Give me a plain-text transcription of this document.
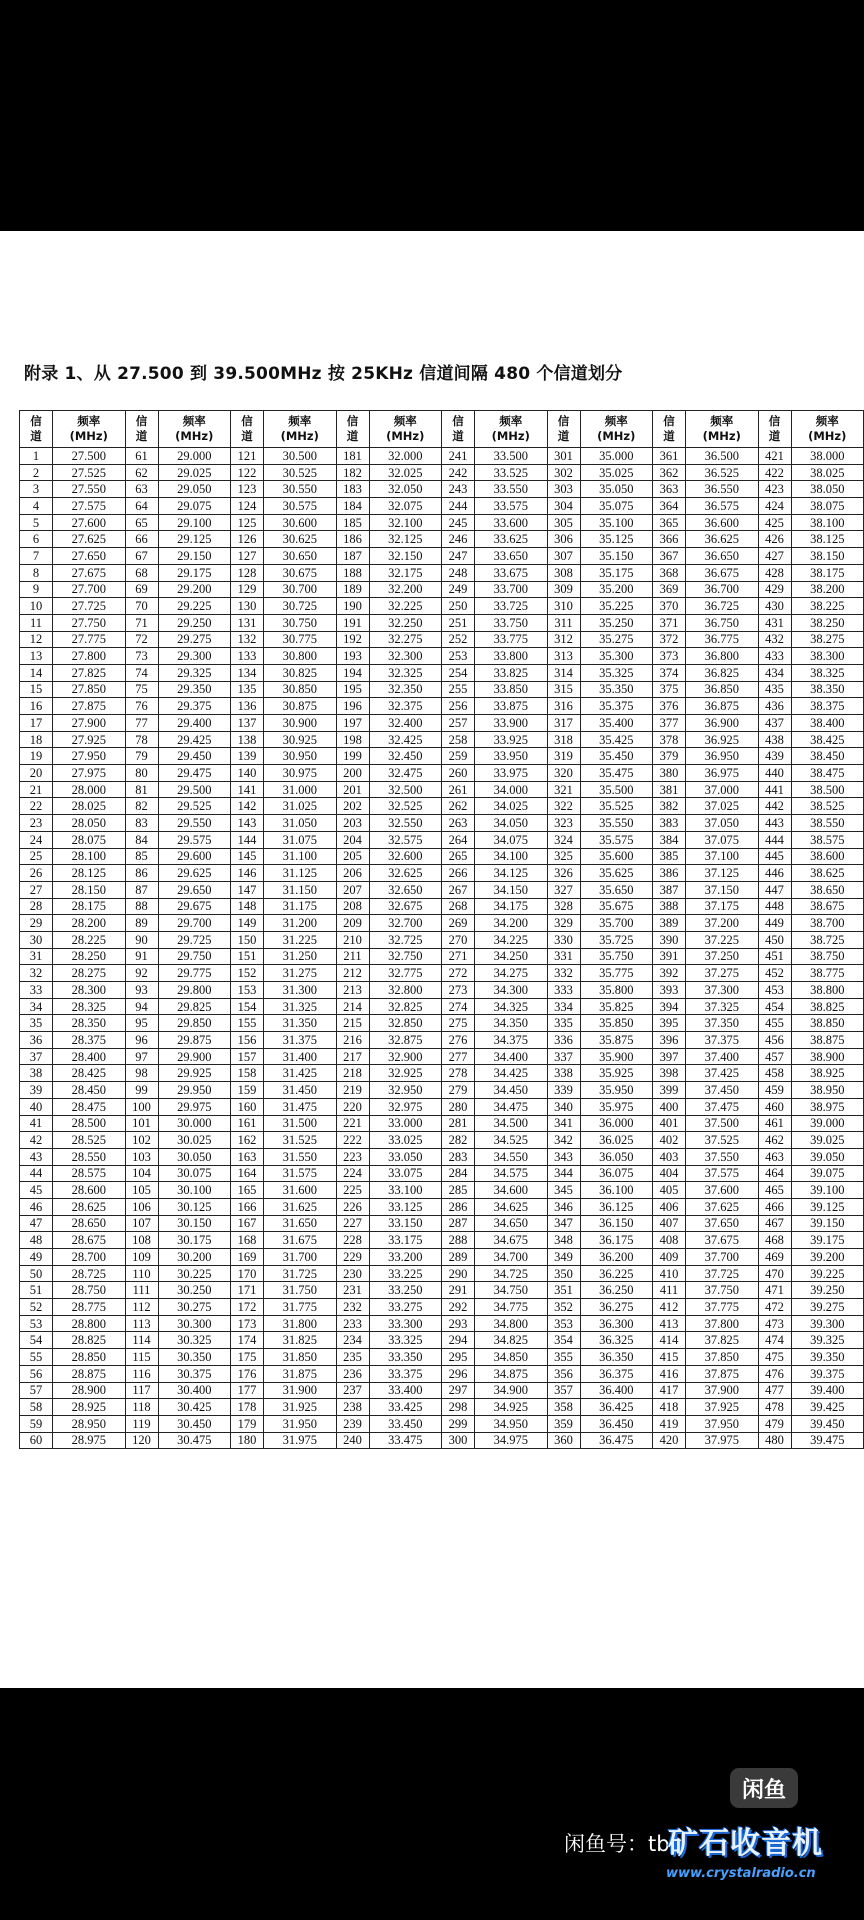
附录 1、从 27.500 到 39.500MHz 按 25KHz 信道间隔 480 个信道划分
信
道	频率
(MHz)	信
道	频率
(MHz)	信
道	频率
(MHz)	信
道	频率
(MHz)	信
道	频率
(MHz)	信
道	频率
(MHz)	信
道	频率
(MHz)	信
道	频率
(MHz)

1	27.500	61	29.000	121	30.500	181	32.000	241	33.500	301	35.000	361	36.500	421	38.000
2	27.525	62	29.025	122	30.525	182	32.025	242	33.525	302	35.025	362	36.525	422	38.025
3	27.550	63	29.050	123	30.550	183	32.050	243	33.550	303	35.050	363	36.550	423	38.050
4	27.575	64	29.075	124	30.575	184	32.075	244	33.575	304	35.075	364	36.575	424	38.075
5	27.600	65	29.100	125	30.600	185	32.100	245	33.600	305	35.100	365	36.600	425	38.100
6	27.625	66	29.125	126	30.625	186	32.125	246	33.625	306	35.125	366	36.625	426	38.125
7	27.650	67	29.150	127	30.650	187	32.150	247	33.650	307	35.150	367	36.650	427	38.150
8	27.675	68	29.175	128	30.675	188	32.175	248	33.675	308	35.175	368	36.675	428	38.175
9	27.700	69	29.200	129	30.700	189	32.200	249	33.700	309	35.200	369	36.700	429	38.200
10	27.725	70	29.225	130	30.725	190	32.225	250	33.725	310	35.225	370	36.725	430	38.225
11	27.750	71	29.250	131	30.750	191	32.250	251	33.750	311	35.250	371	36.750	431	38.250
12	27.775	72	29.275	132	30.775	192	32.275	252	33.775	312	35.275	372	36.775	432	38.275
13	27.800	73	29.300	133	30.800	193	32.300	253	33.800	313	35.300	373	36.800	433	38.300
14	27.825	74	29.325	134	30.825	194	32.325	254	33.825	314	35.325	374	36.825	434	38.325
15	27.850	75	29.350	135	30.850	195	32.350	255	33.850	315	35.350	375	36.850	435	38.350
16	27.875	76	29.375	136	30.875	196	32.375	256	33.875	316	35.375	376	36.875	436	38.375
17	27.900	77	29.400	137	30.900	197	32.400	257	33.900	317	35.400	377	36.900	437	38.400
18	27.925	78	29.425	138	30.925	198	32.425	258	33.925	318	35.425	378	36.925	438	38.425
19	27.950	79	29.450	139	30.950	199	32.450	259	33.950	319	35.450	379	36.950	439	38.450
20	27.975	80	29.475	140	30.975	200	32.475	260	33.975	320	35.475	380	36.975	440	38.475
21	28.000	81	29.500	141	31.000	201	32.500	261	34.000	321	35.500	381	37.000	441	38.500
22	28.025	82	29.525	142	31.025	202	32.525	262	34.025	322	35.525	382	37.025	442	38.525
23	28.050	83	29.550	143	31.050	203	32.550	263	34.050	323	35.550	383	37.050	443	38.550
24	28.075	84	29.575	144	31.075	204	32.575	264	34.075	324	35.575	384	37.075	444	38.575
25	28.100	85	29.600	145	31.100	205	32.600	265	34.100	325	35.600	385	37.100	445	38.600
26	28.125	86	29.625	146	31.125	206	32.625	266	34.125	326	35.625	386	37.125	446	38.625
27	28.150	87	29.650	147	31.150	207	32.650	267	34.150	327	35.650	387	37.150	447	38.650
28	28.175	88	29.675	148	31.175	208	32.675	268	34.175	328	35.675	388	37.175	448	38.675
29	28.200	89	29.700	149	31.200	209	32.700	269	34.200	329	35.700	389	37.200	449	38.700
30	28.225	90	29.725	150	31.225	210	32.725	270	34.225	330	35.725	390	37.225	450	38.725
31	28.250	91	29.750	151	31.250	211	32.750	271	34.250	331	35.750	391	37.250	451	38.750
32	28.275	92	29.775	152	31.275	212	32.775	272	34.275	332	35.775	392	37.275	452	38.775
33	28.300	93	29.800	153	31.300	213	32.800	273	34.300	333	35.800	393	37.300	453	38.800
34	28.325	94	29.825	154	31.325	214	32.825	274	34.325	334	35.825	394	37.325	454	38.825
35	28.350	95	29.850	155	31.350	215	32.850	275	34.350	335	35.850	395	37.350	455	38.850
36	28.375	96	29.875	156	31.375	216	32.875	276	34.375	336	35.875	396	37.375	456	38.875
37	28.400	97	29.900	157	31.400	217	32.900	277	34.400	337	35.900	397	37.400	457	38.900
38	28.425	98	29.925	158	31.425	218	32.925	278	34.425	338	35.925	398	37.425	458	38.925
39	28.450	99	29.950	159	31.450	219	32.950	279	34.450	339	35.950	399	37.450	459	38.950
40	28.475	100	29.975	160	31.475	220	32.975	280	34.475	340	35.975	400	37.475	460	38.975
41	28.500	101	30.000	161	31.500	221	33.000	281	34.500	341	36.000	401	37.500	461	39.000
42	28.525	102	30.025	162	31.525	222	33.025	282	34.525	342	36.025	402	37.525	462	39.025
43	28.550	103	30.050	163	31.550	223	33.050	283	34.550	343	36.050	403	37.550	463	39.050
44	28.575	104	30.075	164	31.575	224	33.075	284	34.575	344	36.075	404	37.575	464	39.075
45	28.600	105	30.100	165	31.600	225	33.100	285	34.600	345	36.100	405	37.600	465	39.100
46	28.625	106	30.125	166	31.625	226	33.125	286	34.625	346	36.125	406	37.625	466	39.125
47	28.650	107	30.150	167	31.650	227	33.150	287	34.650	347	36.150	407	37.650	467	39.150
48	28.675	108	30.175	168	31.675	228	33.175	288	34.675	348	36.175	408	37.675	468	39.175
49	28.700	109	30.200	169	31.700	229	33.200	289	34.700	349	36.200	409	37.700	469	39.200
50	28.725	110	30.225	170	31.725	230	33.225	290	34.725	350	36.225	410	37.725	470	39.225
51	28.750	111	30.250	171	31.750	231	33.250	291	34.750	351	36.250	411	37.750	471	39.250
52	28.775	112	30.275	172	31.775	232	33.275	292	34.775	352	36.275	412	37.775	472	39.275
53	28.800	113	30.300	173	31.800	233	33.300	293	34.800	353	36.300	413	37.800	473	39.300
54	28.825	114	30.325	174	31.825	234	33.325	294	34.825	354	36.325	414	37.825	474	39.325
55	28.850	115	30.350	175	31.850	235	33.350	295	34.850	355	36.350	415	37.850	475	39.350
56	28.875	116	30.375	176	31.875	236	33.375	296	34.875	356	36.375	416	37.875	476	39.375
57	28.900	117	30.400	177	31.900	237	33.400	297	34.900	357	36.400	417	37.900	477	39.400
58	28.925	118	30.425	178	31.925	238	33.425	298	34.925	358	36.425	418	37.925	478	39.425
59	28.950	119	30.450	179	31.950	239	33.450	299	34.950	359	36.450	419	37.950	479	39.450
60	28.975	120	30.475	180	31.975	240	33.475	300	34.975	360	36.475	420	37.975	480	39.475
闲鱼
闲鱼号：tb
矿石收音机
www.crystalradio.cn
